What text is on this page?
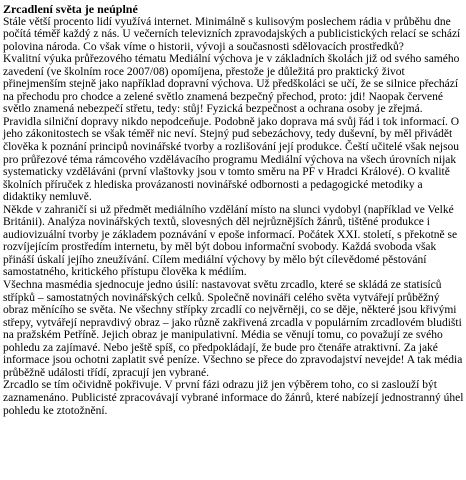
Zrcadlení světa je neúplné

Stále větší procento lidí využívá internet. Minimálně s kulisovým poslechem rádia v průběhu dne počítá téměř každý z nás. U večerních televizních zpravodajských a publicistických relací se schází polovina národa. Co však víme o historii, vývoji a současnosti sdělovacích prostředků?

Kvalitní výuka průřezového tématu Mediální výchova je v základních školách již od svého samého zavedení (ve školním roce 2007/08) opomíjena, přestože je důležitá pro praktický život přinejmenším stejně jako například dopravní výchova. Už předškoláci se učí, že se silnice přechází na přechodu pro chodce a zelené světlo znamená bezpečný přechod, proto: jdi! Naopak červené světlo znamená nebezpečí střetu, tedy: stůj! Fyzická bezpečnost a ochrana osoby je zřejmá.

Pravidla silniční dopravy nikdo nepodceňuje. Podobně jako doprava má svůj řád i tok informací. O jeho zákonitostech se však téměř nic neví. Stejný pud sebezáchovy, tedy duševní, by měl přivádět člověka k poznání principů novinářské tvorby a rozlišování její produkce. Čeští učitelé však nejsou pro průřezové téma rámcového vzdělávacího programu Mediální výchova na všech úrovních nijak systematicky vzděláváni (první vlaštovky jsou v tomto směru na PF v Hradci Králové). O kvalitě školních příruček z hlediska provázanosti novinářské odbornosti a pedagogické metodiky a didaktiky nemluvě.

Někde v zahraničí si už předmět mediálního vzdělání místo na slunci vydobyl (například ve Velké Británii). Analýza novinářských textů, slovesných děl nejrůznějších žánrů, tištěné produkce i audiovizuální tvorby je základem poznávání v epoše informací. Počátek XXI. století, s překotně se rozvíjejícím prostředím internetu, by měl být dobou informační svobody. Každá svoboda však přináší úskalí jejího zneužívání. Cílem mediální výchovy by mělo být cílevědomé pěstování samostatného, kritického přístupu člověka k médiím.

Všechna masmédia sjednocuje jedno úsilí: nastavovat světu zrcadlo, které se skládá ze statisíců střípků – samostatných novinářských celků. Společně novináři celého světa vytvářejí průběžný obraz měnícího se světa. Ne všechny střípky zrcadlí co nejvěrněji, co se děje, některé jsou křivými střepy, vytvářejí nepravdivý obraz – jako různě zakřivená zrcadla v populárním zrcadlovém bludišti na pražském Petříně. Jejich obraz je manipulativní. Média se věnují tomu, co považují ze svého pohledu za zajímavé. Nebo ještě spíš, co předpokládají, že bude pro čtenáře atraktivní. Za jaké informace jsou ochotni zaplatit své peníze. Všechno se přece do zpravodajství nevejde! A tak média průběžně události třídí, zpracují jen vybrané.

Zrcadlo se tím očividně pokřivuje. V první fázi odrazu již jen výběrem toho, co si zaslouží být zaznamenáno. Publicisté zpracovávají vybrané informace do žánrů, které nabízejí jednostranný úhel pohledu ke ztotožnění.
